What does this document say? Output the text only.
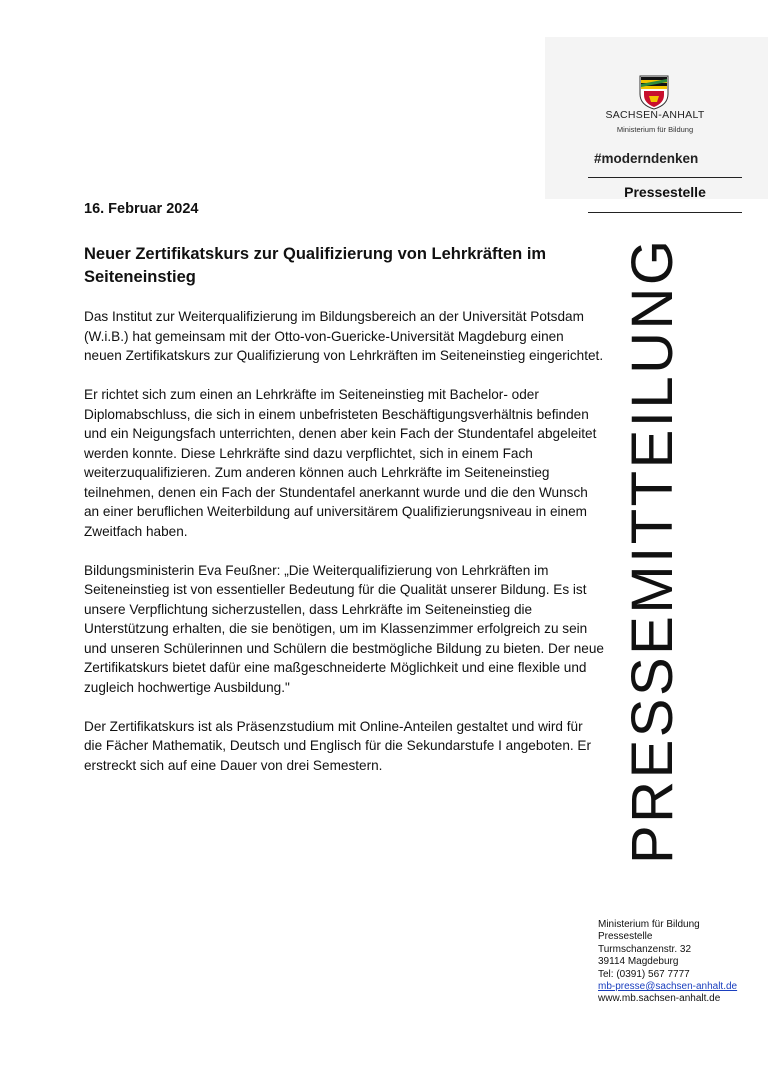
SACHSEN-ANHALT
Ministerium für Bildung
#moderndenken
Pressestelle
PRESSEMITTEILUNG
16. Februar 2024
Neuer Zertifikatskurs zur Qualifizierung von Lehrkräften im Seiteneinstieg

Das Institut zur Weiterqualifizierung im Bildungsbereich an der Universität Potsdam (W.i.B.) hat gemeinsam mit der Otto-von-Guericke-Universität Magdeburg einen neuen Zertifikatskurs zur Qualifizierung von Lehrkräften im Seiteneinstieg eingerichtet.

Er richtet sich zum einen an Lehrkräfte im Seiteneinstieg mit Bachelor- oder Diplomabschluss, die sich in einem unbefristeten Beschäftigungsverhältnis befinden und ein Neigungsfach unterrichten, denen aber kein Fach der Stundentafel abgeleitet werden konnte. Diese Lehrkräfte sind dazu verpflichtet, sich in einem Fach weiterzuqualifizieren. Zum anderen können auch Lehrkräfte im Seiteneinstieg teilnehmen, denen ein Fach der Stundentafel anerkannt wurde und die den Wunsch an einer beruflichen Weiterbildung auf universitärem Qualifizierungsniveau in einem Zweitfach haben.

Bildungsministerin Eva Feußner: „Die Weiterqualifizierung von Lehrkräften im Seiteneinstieg ist von essentieller Bedeutung für die Qualität unserer Bildung. Es ist unsere Verpflichtung sicherzustellen, dass Lehrkräfte im Seiteneinstieg die Unterstützung erhalten, die sie benötigen, um im Klassenzimmer erfolgreich zu sein und unseren Schülerinnen und Schülern die bestmögliche Bildung zu bieten. Der neue Zertifikatskurs bietet dafür eine maßgeschneiderte Möglichkeit und eine flexible und zugleich hochwertige Ausbildung."

Der Zertifikatskurs ist als Präsenzstudium mit Online-Anteilen gestaltet und wird für die Fächer Mathematik, Deutsch und Englisch für die Sekundarstufe I angeboten. Er erstreckt sich auf eine Dauer von drei Semestern.

Ministerium für Bildung
Pressestelle
Turmschanzenstr. 32
39114 Magdeburg
Tel: (0391) 567 7777
mb-presse@sachsen-anhalt.de
www.mb.sachsen-anhalt.de
